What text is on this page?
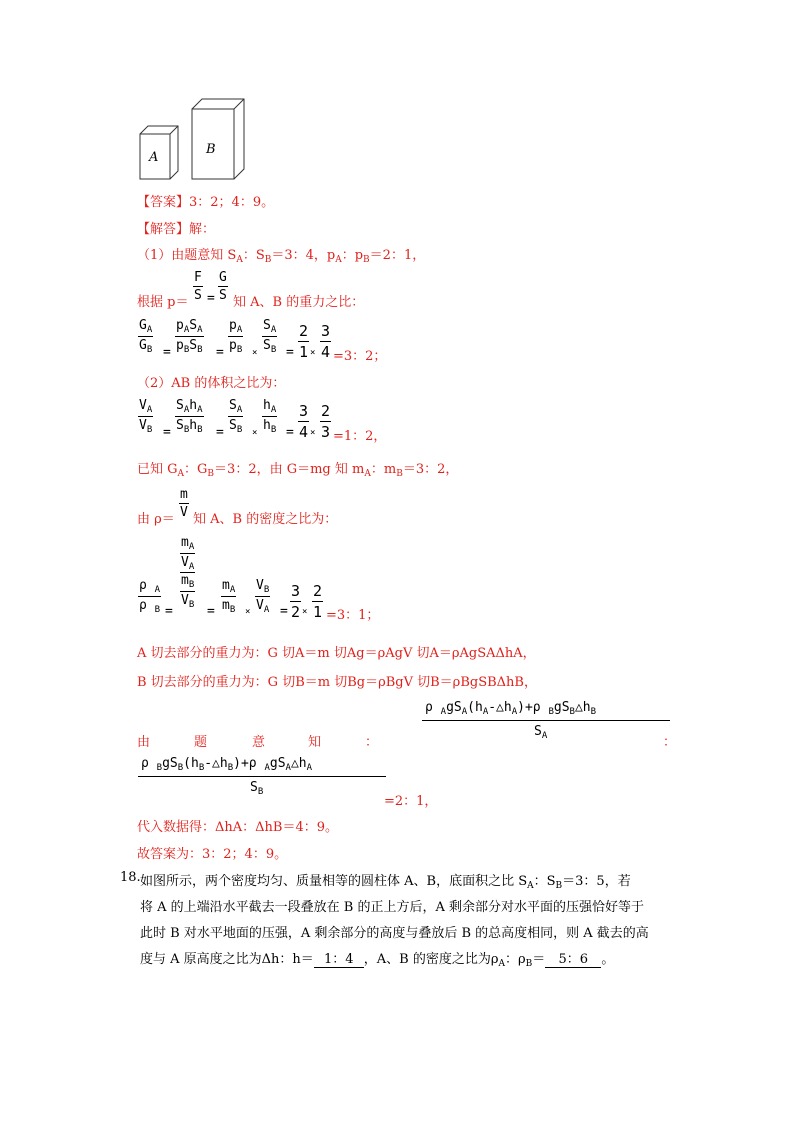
A
B
【答案】3：2；4：9。
【解答】解：
（1）由题意知 $S_A$：$S_B=3$：4，$p_A$：$p_B=2$：1，
根据 p＝
F
S =
G
S 知 A、B 的重力之比：
$G_A$
$G_B$ =
$p_AS_A$
$p_BS_B$ =
$p_A$
$p_B$ ×
$S_A$
$S_B$ =
2
1 ×
3
4 =3：2；
（2）AB 的体积之比为：
$V_A$
$V_B$ =
$S_Ah_A$
$S_Bh_B$ =
$S_A$
$S_B$ ×
$h_A$
$h_B$ =
3
4 ×
2
3 =1：2，
已知 $G_A$：$G_B=3$：2，由 G＝mg 知 $m_A$：$m_B=3$：2，
由 ρ＝
m
V 知 A、B 的密度之比为：
ρ $_A$
ρ $_B$ =
$m_A$
$V_A$
$m_B$
$V_B$ =
$m_A$
$m_B$ ×
$V_B$
$V_A$ =
3
2 ×
2
1 =3：1；
A 切去部分的重力为：G 切A＝m 切Ag＝ρAgV 切A＝ρAgSAΔhA，
B 切去部分的重力为：G 切B＝m 切Bg＝ρBgV 切B＝ρBgSBΔhB，
ρ $_AgS_A(h_A-\triangle h_A)+\rho$ $_BgS_B\triangle h_B$
$S_A$
由	题	意	知	：	：
ρ $_BgS_B(h_B-\triangle h_B)+\rho$ $_AgS_A\triangle h_A$
$S_B$
=2：1，
代入数据得：ΔhA：ΔhB＝4：9。
故答案为：3：2；4：9。
18. 如图所示，两个密度均匀、质量相等的圆柱体 A、B，底面积之比 $S_A$：$S_B=3$：5，若
将 A 的上端沿水平截去一段叠放在 B 的正上方后，A 剩余部分对水平面的压强恰好等于
此时 B 对水平地面的压强，A 剩余部分的高度与叠放后 B 的总高度相同，则 A 截去的高
度与 A 原高度之比为Δh：h＝ 1：4 ，A、B 的密度之比为$\rho_A$：$\rho_B= 5$：6 。
